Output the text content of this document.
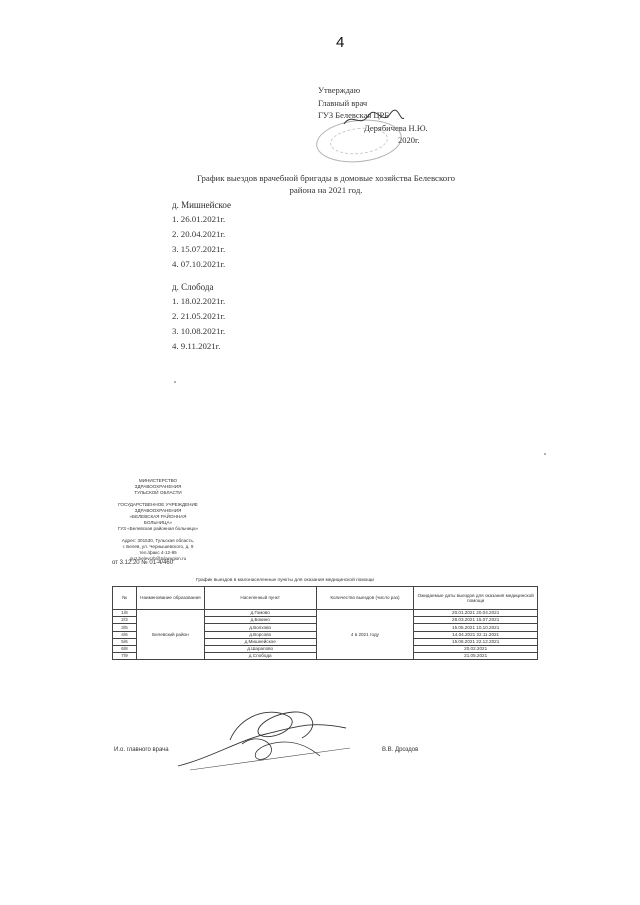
4
Утверждаю
Главный врач
ГУЗ Белевская ЦРБ
Дерябичева Н.Ю.
2020г.
График выездов врачебной бригады в домовые хозяйства Белевского
района на 2021 год.
д. Мишнейское
1. 26.01.2021г.
2. 20.04.2021г.
3. 15.07.2021г.
4. 07.10.2021г.
д. Слобода
1. 18.02.2021г.
2. 21.05.2021г.
3. 10.08.2021г.
4. 9.11.2021г.
МИНИСТЕРСТВО
ЗДРАВООХРАНЕНИЯ
ТУЛЬСКОЙ ОБЛАСТИ

ГОСУДАРСТВЕННОЕ УЧРЕЖДЕНИЕ
ЗДРАВООХРАНЕНИЯ
«БЕЛЕВСКАЯ РАЙОННАЯ
БОЛЬНИЦА»
ГУЗ «Белевская районная больница»

Адрес: 301530, Тульская область,
г. Белев, ул. Чернышевского, д. 9
тел./факс 4-12-95
guz.belevcrb@tularegion.ru
от 3.12.20 № 01-4/460
График выездов в малонаселенные пункты для оказания медицинской помощи
№	Наименование образования	Населенный пункт	Количество выездов (число раз)	Ожидаемые даты выездов для оказания медицинской помощи
1/8	Белевский район	д.Гомово	4 в 2021 году	20.01.2021 20.04.2021
2/3		д.Бокино		26.03.2021 15.07.2021
3/5		д.Болхово		15.05.2021 10.10.2021
4/6		д.Ворсово		14.04.2021 22.11.2021
5/6		д.Мишнейское		15.06.2021 22.12.2021
6/8		д.Шарапово		20.02.2021
7/9		д.Слобода		21.05.2021
И.о. главного врача	В.В. Дроздов
